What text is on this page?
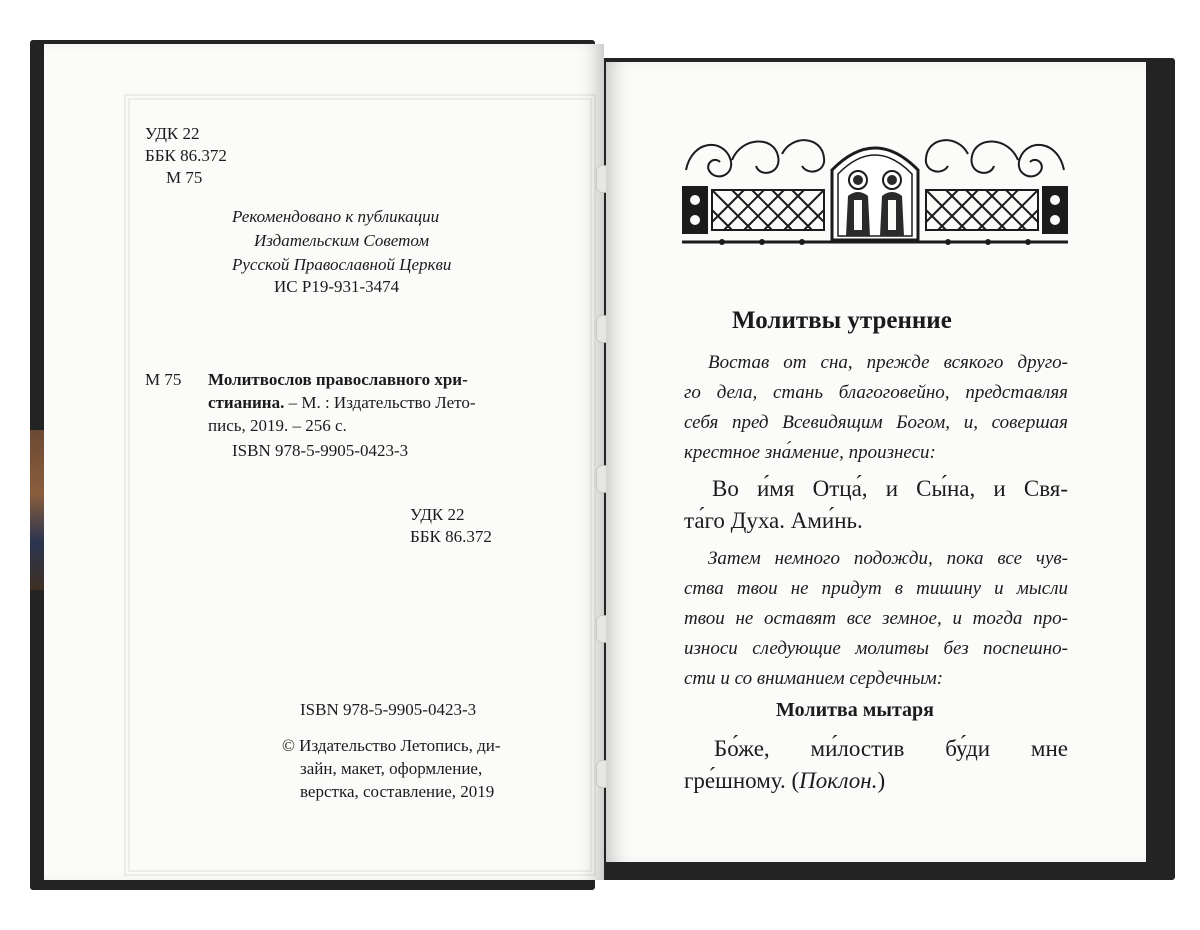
УДК 22
ББК 86.372
М 75
Рекомендовано к публикации
Издательским Советом
Русской Православной Церкви
ИС Р19-931-3474
М 75 Молитвослов православного хри-
стианина. – М. : Издательство Лето-
пись, 2019. – 256 с.
ISBN 978-5-9905-0423-3
УДК 22
ББК 86.372
ISBN 978-5-9905-0423-3
© Издательство Летопись, ди-
зайн, макет, оформление,
верстка, составление, 2019
Молитвы утренние
Востав от сна, прежде всякого друго-
го дела, стань благоговейно, представляя
себя пред Всевидящим Богом, и, совершая
крестное зна́мение, произнеси:
Во и́мя Отца́, и Сы́на, и Свя-
та́го Духа. Ами́нь.
Затем немного подожди, пока все чув-
ства твои не придут в тишину и мысли
твои не оставят все земное, и тогда про-
износи следующие молитвы без поспешно-
сти и со вниманием сердечным:
Молитва мытаря
Бо́же, ми́лостив бу́ди мне
гре́шному. (Поклон.)
